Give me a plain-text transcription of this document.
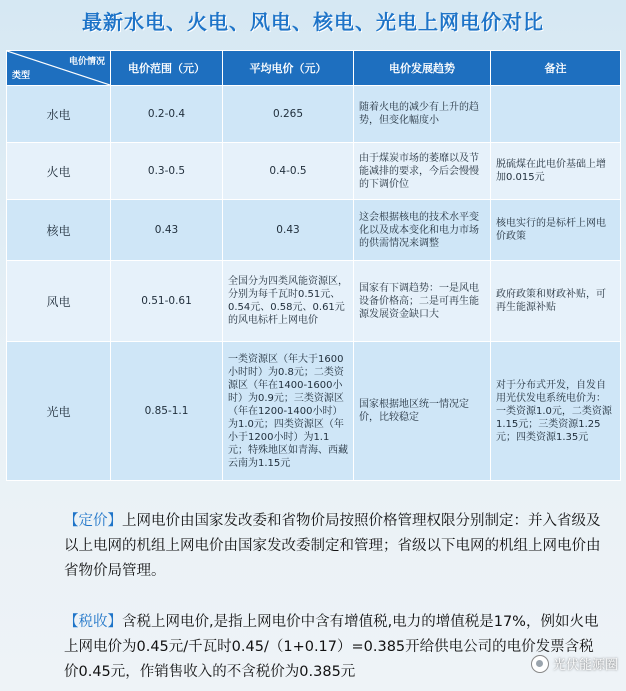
最新水电、火电、风电、核电、光电上网电价对比
类型
电价情况	电价范围（元）	平均电价（元）	电价发展趋势	备注
水电	0.2-0.4	0.265	随着火电的减少有上升的趋势，但变化幅度小	
火电	0.3-0.5	0.4-0.5	由于煤炭市场的萎靡以及节能减排的要求，今后会慢慢的下调价位	脱硫煤在此电价基础上增加0.015元
核电	0.43	0.43	这会根据核电的技术水平变化以及成本变化和电力市场的供需情况来调整	核电实行的是标杆上网电价政策
风电	0.51-0.61	全国分为四类风能资源区，分别为每千瓦时0.51元、0.54元、0.58元、0.61元的风电标杆上网电价	国家有下调趋势：一是风电设备价格高；二是可再生能源发展资金缺口大	政府政策和财政补贴，可再生能源补贴
光电	0.85-1.1	一类资源区（年大于1600小时时）为0.8元；二类资源区（年在1400-1600小时）为0.9元；三类资源区（年在1200-1400小时）为1.0元；四类资源区（年小于1200小时）为1.1元；特殊地区如青海、西藏云南为1.15元	国家根据地区统一情况定价，比较稳定	对于分布式开发，自发自用光伏发电系统电价为：一类资源1.0元，二类资源1.15元；三类资源1.25元；四类资源1.35元
【定价】上网电价由国家发改委和省物价局按照价格管理权限分别制定：并入省级及以上电网的机组上网电价由国家发改委制定和管理；省级以下电网的机组上网电价由省物价局管理。
【税收】含税上网电价,是指上网电价中含有增值税,电力的增值税是17%，例如火电上网电价为0.45元/千瓦时0.45/（1+0.17）=0.385开给供电公司的电价发票含税价0.45元，作销售收入的不含税价为0.385元	光伏能源圈
